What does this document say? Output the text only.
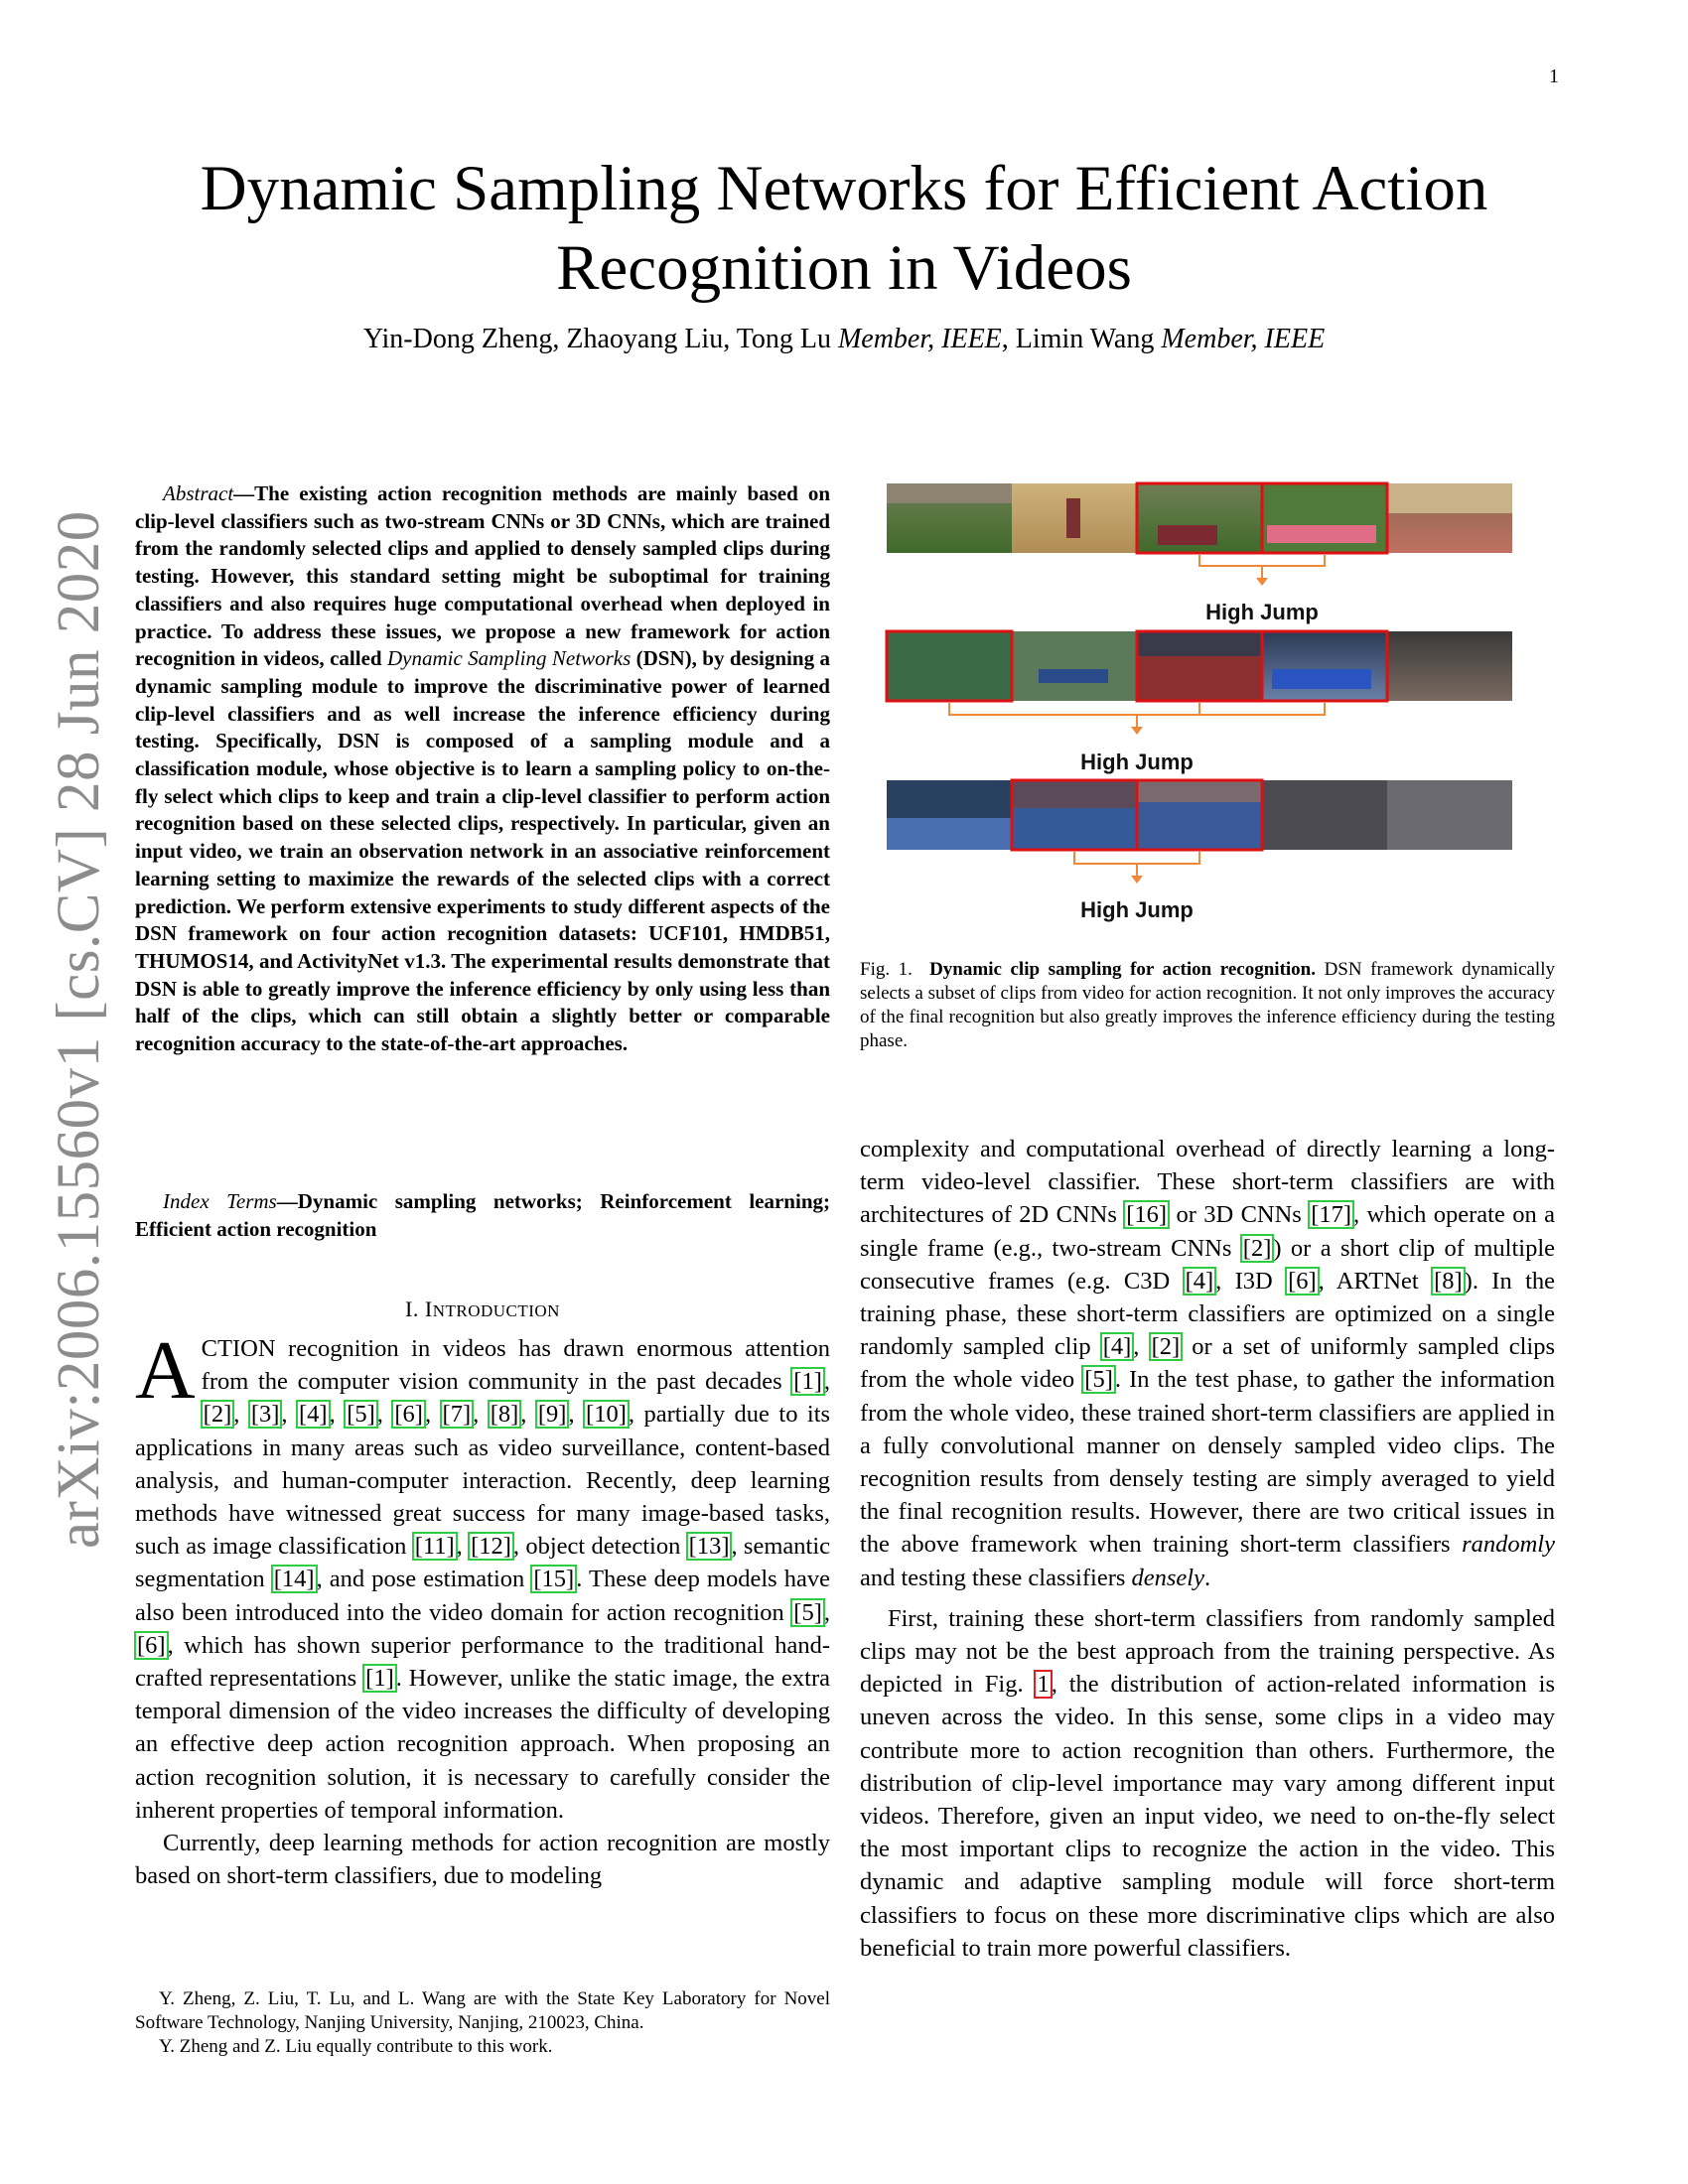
1
arXiv:2006.15560v1 [cs.CV] 28 Jun 2020
Dynamic Sampling Networks for Efficient Action
Recognition in Videos
Yin-Dong Zheng, Zhaoyang Liu, Tong Lu Member, IEEE, Limin Wang Member, IEEE
Abstract—The existing action recognition methods are mainly based on clip-level classifiers such as two-stream CNNs or 3D CNNs, which are trained from the randomly selected clips and applied to densely sampled clips during testing. However, this standard setting might be suboptimal for training classifiers and also requires huge computational overhead when deployed in practice. To address these issues, we propose a new framework for action recognition in videos, called Dynamic Sampling Networks (DSN), by designing a dynamic sampling module to improve the discriminative power of learned clip-level classifiers and as well increase the inference efficiency during testing. Specifically, DSN is composed of a sampling module and a classification module, whose objective is to learn a sampling policy to on-the-fly select which clips to keep and train a clip-level classifier to perform action recognition based on these selected clips, respectively. In particular, given an input video, we train an observation network in an associative reinforcement learning setting to maximize the rewards of the selected clips with a correct prediction. We perform extensive experiments to study different aspects of the DSN framework on four action recognition datasets: UCF101, HMDB51, THUMOS14, and ActivityNet v1.3. The experimental results demonstrate that DSN is able to greatly improve the inference efficiency by only using less than half of the clips, which can still obtain a slightly better or comparable recognition accuracy to the state-of-the-art approaches.
Index Terms—Dynamic sampling networks; Reinforcement learning; Efficient action recognition
I. INTRODUCTION

ACTION recognition in videos has drawn enormous attention from the computer vision community in the past decades [1], [2], [3], [4], [5], [6], [7], [8], [9], [10], partially due to its applications in many areas such as video surveillance, content-based analysis, and human-computer interaction. Recently, deep learning methods have witnessed great success for many image-based tasks, such as image classification [11], [12], object detection [13], semantic segmentation [14], and pose estimation [15]. These deep models have also been introduced into the video domain for action recognition [5], [6], which has shown superior performance to the traditional hand-crafted representations [1]. However, unlike the static image, the extra temporal dimension of the video increases the difficulty of developing an effective deep action recognition approach. When proposing an action recognition solution, it is necessary to carefully consider the inherent properties of temporal information.

Currently, deep learning methods for action recognition are mostly based on short-term classifiers, due to modeling

Y. Zheng, Z. Liu, T. Lu, and L. Wang are with the State Key Laboratory for Novel Software Technology, Nanjing University, Nanjing, 210023, China.

Y. Zheng and Z. Liu equally contribute to this work.

High Jump
High Jump
High Jump
Fig. 1. Dynamic clip sampling for action recognition. DSN framework dynamically selects a subset of clips from video for action recognition. It not only improves the accuracy of the final recognition but also greatly improves the inference efficiency during the testing phase.

complexity and computational overhead of directly learning a long-term video-level classifier. These short-term classifiers are with architectures of 2D CNNs [16] or 3D CNNs [17], which operate on a single frame (e.g., two-stream CNNs [2]) or a short clip of multiple consecutive frames (e.g. C3D [4], I3D [6], ARTNet [8]). In the training phase, these short-term classifiers are optimized on a single randomly sampled clip [4], [2] or a set of uniformly sampled clips from the whole video [5]. In the test phase, to gather the information from the whole video, these trained short-term classifiers are applied in a fully convolutional manner on densely sampled video clips. The recognition results from densely testing are simply averaged to yield the final recognition results. However, there are two critical issues in the above framework when training short-term classifiers randomly and testing these classifiers densely.

First, training these short-term classifiers from randomly sampled clips may not be the best approach from the training perspective. As depicted in Fig. 1, the distribution of action-related information is uneven across the video. In this sense, some clips in a video may contribute more to action recognition than others. Furthermore, the distribution of clip-level importance may vary among different input videos. Therefore, given an input video, we need to on-the-fly select the most important clips to recognize the action in the video. This dynamic and adaptive sampling module will force short-term classifiers to focus on these more discriminative clips which are also beneficial to train more powerful classifiers.
